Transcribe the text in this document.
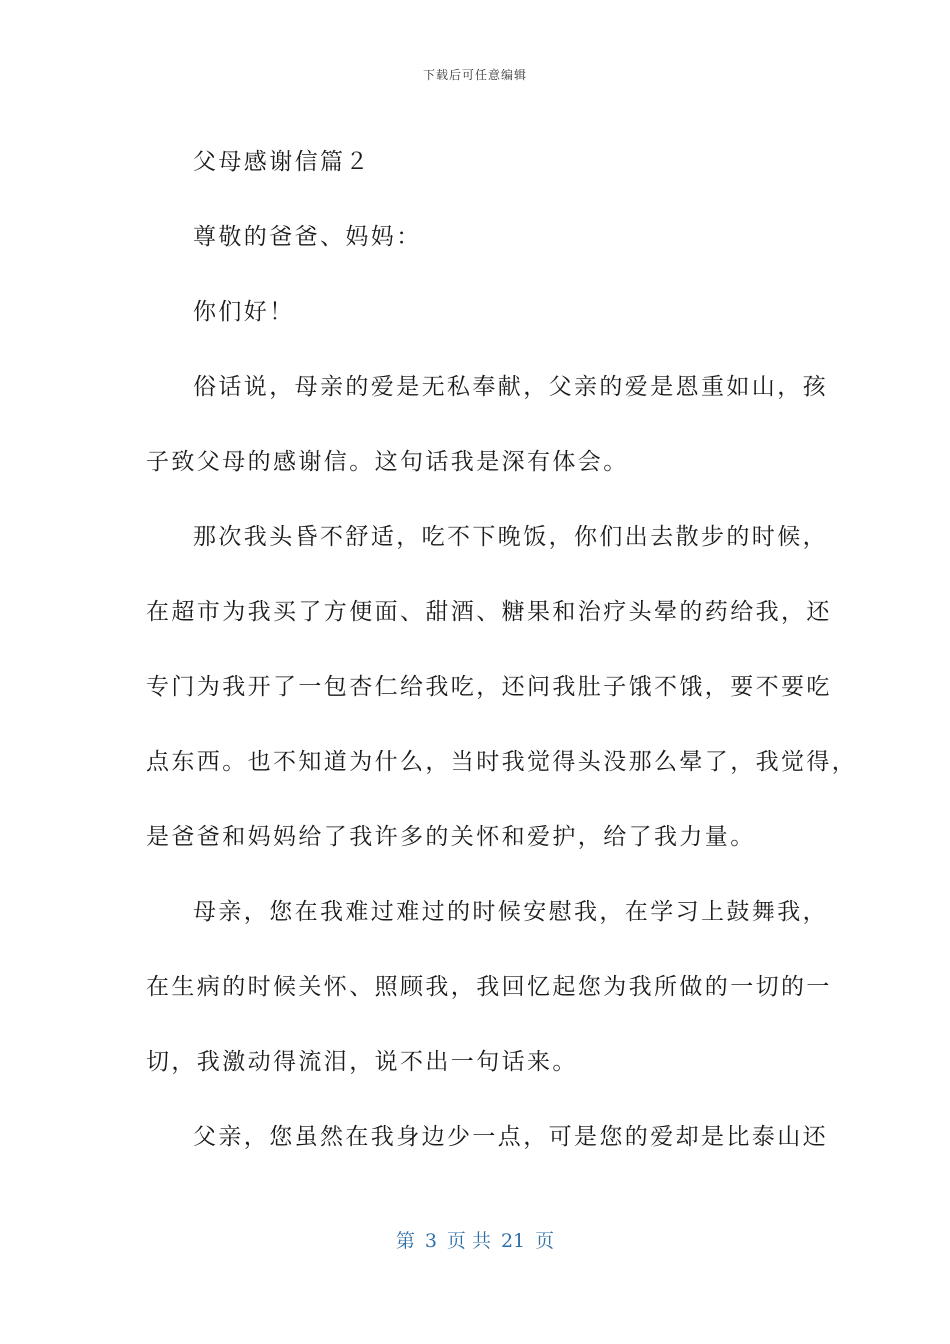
下载后可任意编辑
父母感谢信篇２
尊敬的爸爸、妈妈：
你们好！
俗话说，母亲的爱是无私奉献，父亲的爱是恩重如山，孩
子致父母的感谢信。这句话我是深有体会。
那次我头昏不舒适，吃不下晚饭，你们出去散步的时候，
在超市为我买了方便面、甜酒、糖果和治疗头晕的药给我，还
专门为我开了一包杏仁给我吃，还问我肚子饿不饿，要不要吃
点东西。也不知道为什么，当时我觉得头没那么晕了，我觉得，
是爸爸和妈妈给了我许多的关怀和爱护，给了我力量。
母亲，您在我难过难过的时候安慰我，在学习上鼓舞我，
在生病的时候关怀、照顾我，我回忆起您为我所做的一切的一
切，我激动得流泪，说不出一句话来。
父亲，您虽然在我身边少一点，可是您的爱却是比泰山还
第 3 页 共 21 页
